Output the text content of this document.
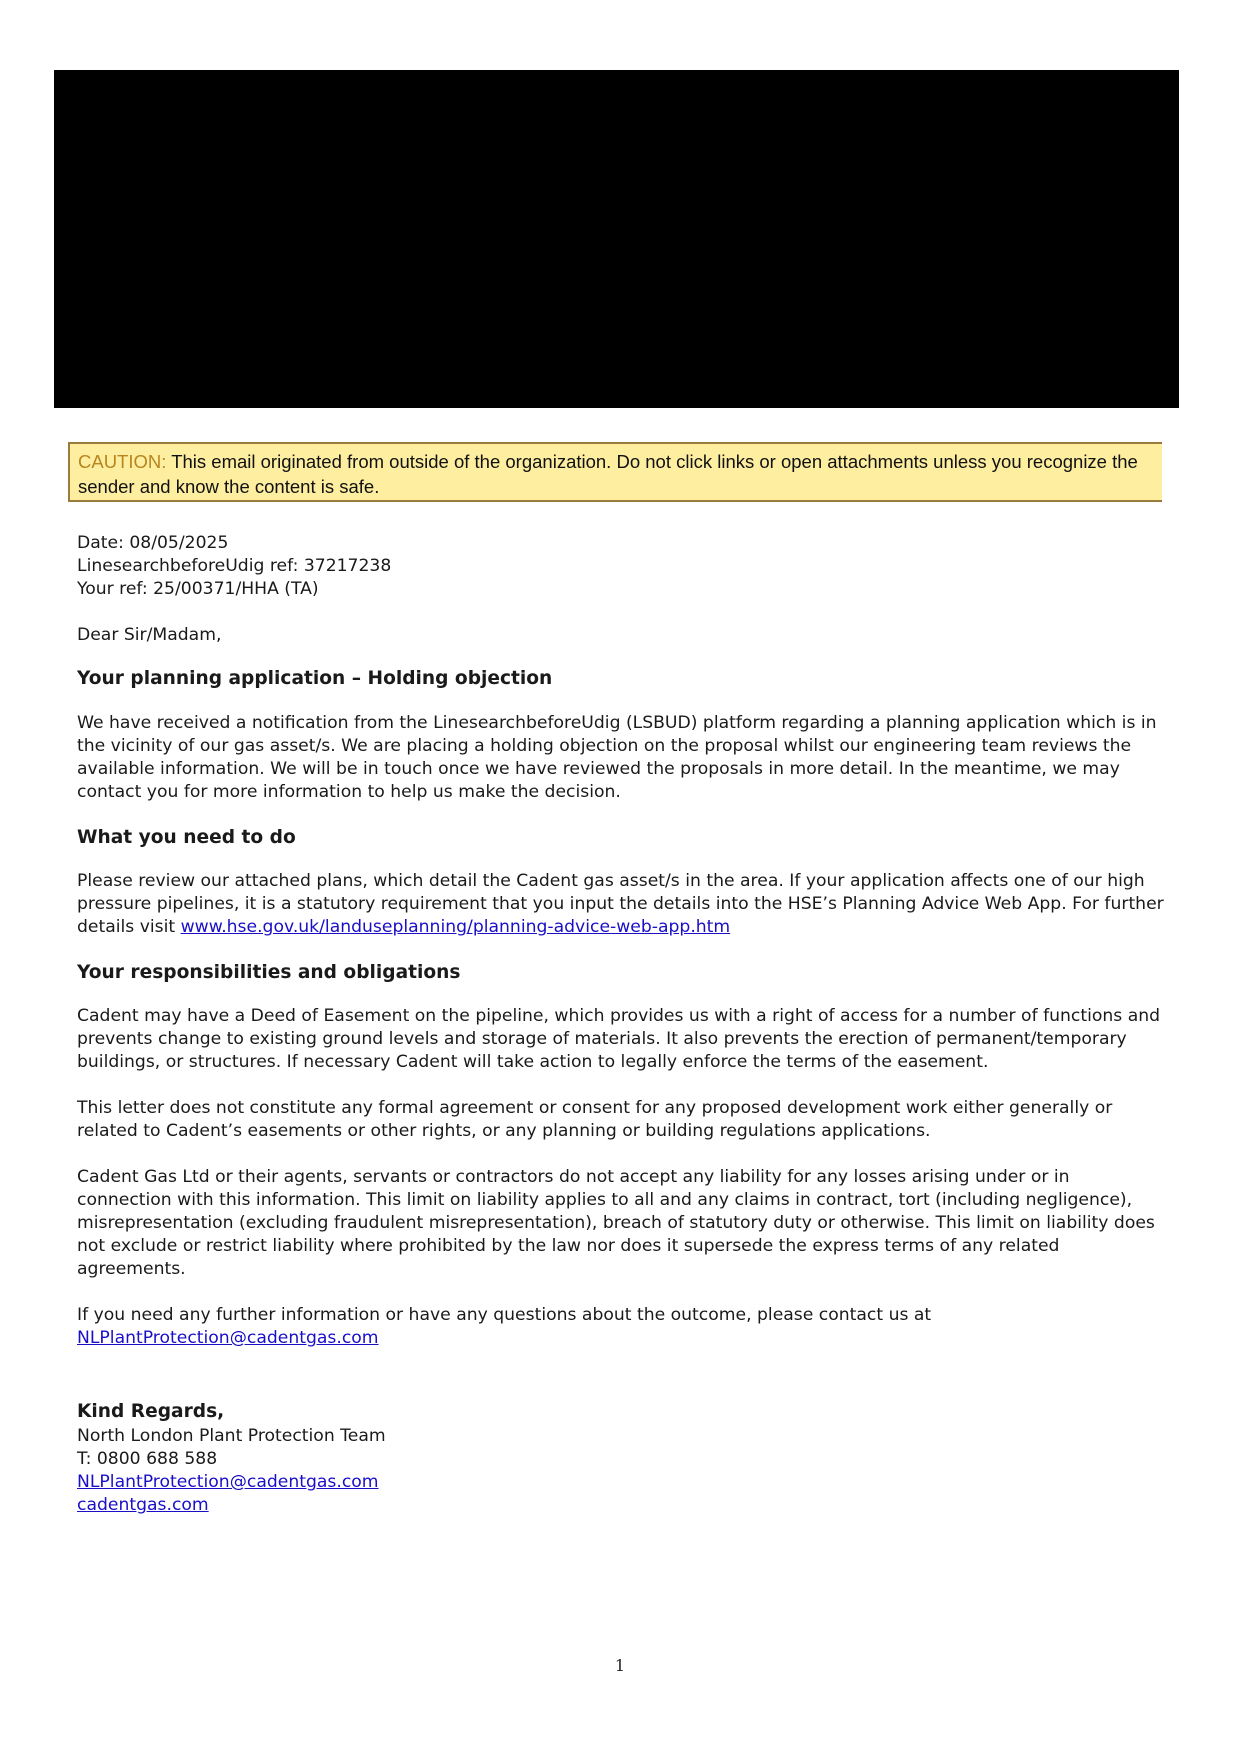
CAUTION: This email originated from outside of the organization. Do not click links or open attachments unless you recognize the sender and know the content is safe.
Date: 08/05/2025
LinesearchbeforeUdig ref: 37217238
Your ref: 25/00371/HHA (TA)

Dear Sir/Madam,

Your planning application – Holding objection

We have received a notification from the LinesearchbeforeUdig (LSBUD) platform regarding a planning application which is in the vicinity of our gas asset/s. We are placing a holding objection on the proposal whilst our engineering team reviews the available information. We will be in touch once we have reviewed the proposals in more detail. In the meantime, we may contact you for more information to help us make the decision.

What you need to do

Please review our attached plans, which detail the Cadent gas asset/s in the area. If your application affects one of our high pressure pipelines, it is a statutory requirement that you input the details into the HSE’s Planning Advice Web App. For further details visit www.hse.gov.uk/landuseplanning/planning-advice-web-app.htm

Your responsibilities and obligations

Cadent may have a Deed of Easement on the pipeline, which provides us with a right of access for a number of functions and prevents change to existing ground levels and storage of materials. It also prevents the erection of permanent/temporary buildings, or structures. If necessary Cadent will take action to legally enforce the terms of the easement.

This letter does not constitute any formal agreement or consent for any proposed development work either generally or related to Cadent’s easements or other rights, or any planning or building regulations applications.

Cadent Gas Ltd or their agents, servants or contractors do not accept any liability for any losses arising under or in connection with this information. This limit on liability applies to all and any claims in contract, tort (including negligence), misrepresentation (excluding fraudulent misrepresentation), breach of statutory duty or otherwise. This limit on liability does not exclude or restrict liability where prohibited by the law nor does it supersede the express terms of any related agreements.

If you need any further information or have any questions about the outcome, please contact us at
NLPlantProtection@cadentgas.com

Kind Regards,

North London Plant Protection Team
T: 0800 688 588
NLPlantProtection@cadentgas.com
cadentgas.com
1
